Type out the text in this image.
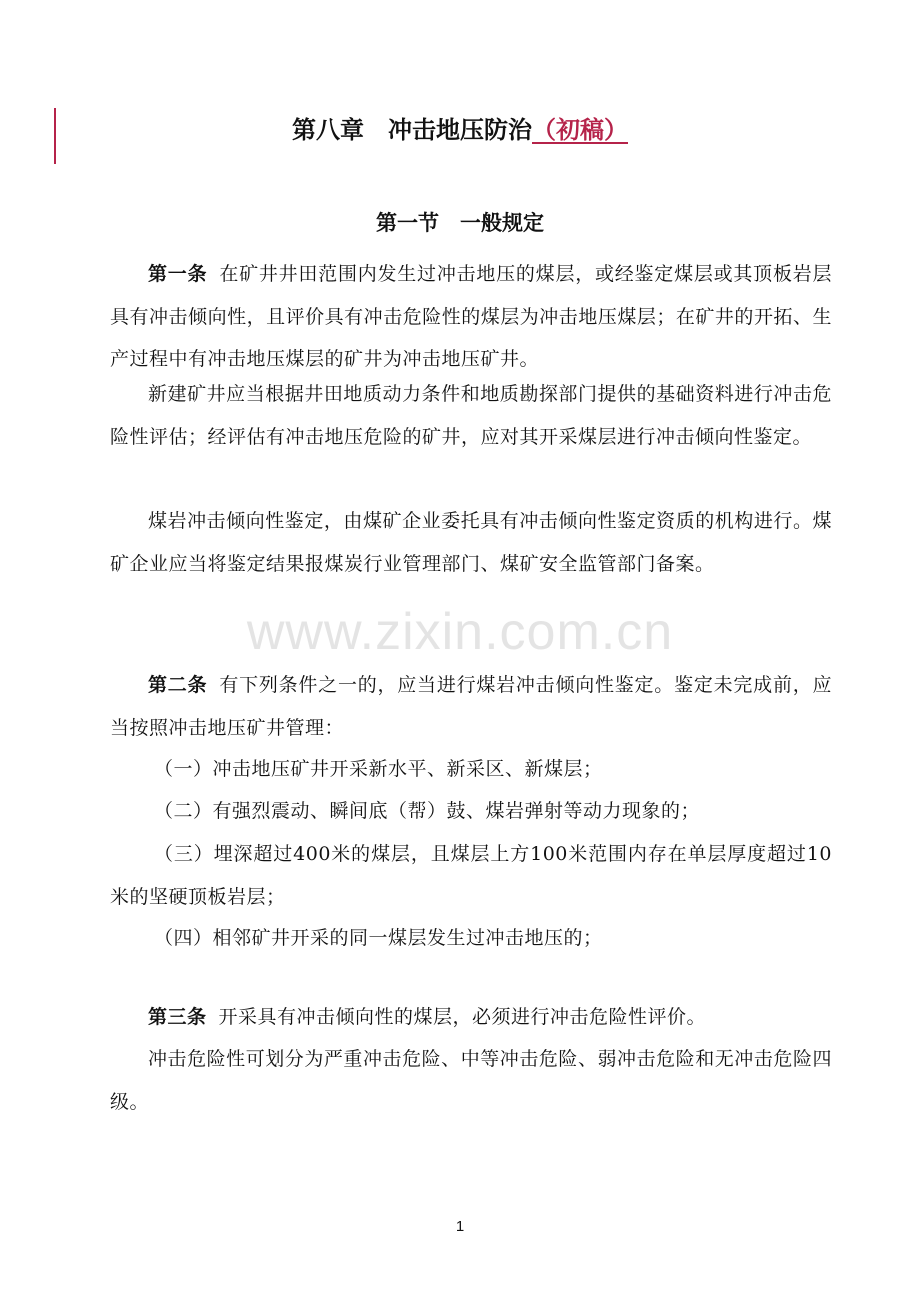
第八章　冲击地压防治（初稿）
第一节　一般规定

第一条 在矿井井田范围内发生过冲击地压的煤层，或经鉴定煤层或其顶板岩层具有冲击倾向性，且评价具有冲击危险性的煤层为冲击地压煤层；在矿井的开拓、生产过程中有冲击地压煤层的矿井为冲击地压矿井。

新建矿井应当根据井田地质动力条件和地质勘探部门提供的基础资料进行冲击危险性评估；经评估有冲击地压危险的矿井，应对其开采煤层进行冲击倾向性鉴定。

煤岩冲击倾向性鉴定，由煤矿企业委托具有冲击倾向性鉴定资质的机构进行。煤矿企业应当将鉴定结果报煤炭行业管理部门、煤矿安全监管部门备案。

www.zixin.com.cn

第二条 有下列条件之一的，应当进行煤岩冲击倾向性鉴定。鉴定未完成前，应当按照冲击地压矿井管理：

（一）冲击地压矿井开采新水平、新采区、新煤层；
（二）有强烈震动、瞬间底（帮）鼓、煤岩弹射等动力现象的；
（三）埋深超过400米的煤层，且煤层上方100米范围内存在单层厚度超过10米的坚硬顶板岩层；
（四）相邻矿井开采的同一煤层发生过冲击地压的；

第三条 开采具有冲击倾向性的煤层，必须进行冲击危险性评价。

冲击危险性可划分为严重冲击危险、中等冲击危险、弱冲击危险和无冲击危险四级。

1
